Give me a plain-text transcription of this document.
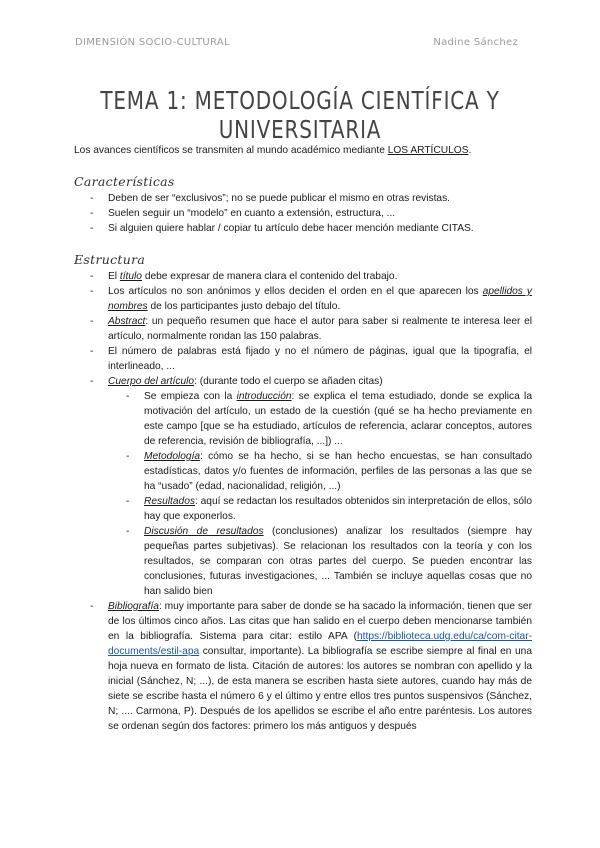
DIMENSIÓN SOCIO-CULTURAL	Nadine Sánchez
TEMA 1: METODOLOGÍA CIENTÍFICA Y UNIVERSITARIA

Los avances científicos se transmiten al mundo académico mediante LOS ARTÍCULOS.

Características
- Deben de ser “exclusivos”; no se puede publicar el mismo en otras revistas.
- Suelen seguir un “modelo” en cuanto a extensión, estructura, ...
- Si alguien quiere hablar / copiar tu artículo debe hacer mención mediante CITAS.
Estructura
- El título debe expresar de manera clara el contenido del trabajo.
- Los artículos no son anónimos y ellos deciden el orden en el que aparecen los apellidos y nombres de los participantes justo debajo del título.
- Abstract: un pequeño resumen que hace el autor para saber si realmente te interesa leer el artículo, normalmente rondan las 150 palabras.
- El número de palabras está fijado y no el número de páginas, igual que la tipografía, el interlineado, ...
- Cuerpo del artículo: (durante todo el cuerpo se añaden citas)
- Se empieza con la introducción: se explica el tema estudiado, donde se explica la motivación del artículo, un estado de la cuestión (qué se ha hecho previamente en este campo [que se ha estudiado, artículos de referencia, aclarar conceptos, autores de referencia, revisión de bibliografía, ...]) ...
- Metodología: cómo se ha hecho, si se han hecho encuestas, se han consultado estadísticas, datos y/o fuentes de información, perfiles de las personas a las que se ha “usado” (edad, nacionalidad, religión, ...)
- Resultados: aquí se redactan los resultados obtenidos sin interpretación de ellos, sólo hay que exponerlos.
- Discusión de resultados (conclusiones) analizar los resultados (siempre hay pequeñas partes subjetivas). Se relacionan los resultados con la teoría y con los resultados, se comparan con otras partes del cuerpo. Se pueden encontrar las conclusiones, futuras investigaciones, ... También se incluye aquellas cosas que no han salido bien
- Bibliografía: muy importante para saber de donde se ha sacado la información, tienen que ser de los últimos cinco años. Las citas que han salido en el cuerpo deben mencionarse también en la bibliografía. Sistema para citar: estilo APA (https://biblioteca.udg.edu/ca/com-citar-documents/estil-apa consultar, importante). La bibliografía se escribe siempre al final en una hoja nueva en formato de lista. Citación de autores: los autores se nombran con apellido y la inicial (Sánchez, N; ...), de esta manera se escriben hasta siete autores, cuando hay más de siete se escribe hasta el número 6 y el último y entre ellos tres puntos suspensivos (Sánchez, N; .... Carmona, P). Después de los apellidos se escribe el año entre paréntesis. Los autores se ordenan según dos factores: primero los más antiguos y después
